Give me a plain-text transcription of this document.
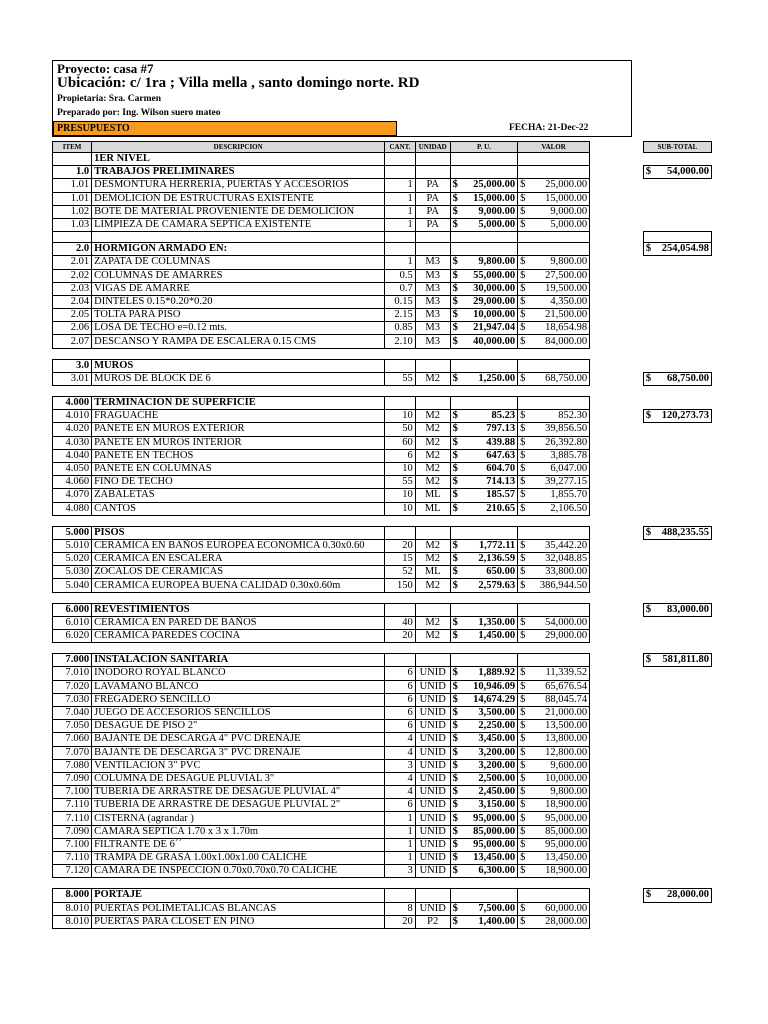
Proyecto: casa #7
Ubicación: c/ 1ra ; Villa mella , santo domingo norte. RD
Propietaria: Sra. Carmen
Preparado por: Ing. Wilson suero mateo
PRESUPUESTO	FECHA: 21-Dec-22
ITEM	DESCRIPCION	CANT.	UNIDAD	P. U.	VALOR		SUB-TOTAL
	1ER NIVEL						
1.0	TRABAJOS PRELIMINARES						$ 54,000.00

1.01	DESMONTURA HERRERIA, PUERTAS Y ACCESORIOS	1	PA	$ 25,000.00	$ 25,000.00		

1.01	DEMOLICION DE ESTRUCTURAS EXISTENTE	1	PA	$ 15,000.00	$ 15,000.00		

1.02	BOTE DE MATERIAL PROVENIENTE DE DEMOLICION	1	PA	$ 9,000.00	$ 9,000.00		

1.03	LIMPIEZA DE CAMARA SEPTICA EXISTENTE	1	PA	$ 5,000.00	$ 5,000.00		

2.0	HORMIGON ARMADO EN:						$ 254,054.98

2.01	ZAPATA DE COLUMNAS	1	M3	$ 9,800.00	$ 9,800.00		

2.02	COLUMNAS DE AMARRES	0.5	M3	$ 55,000.00	$ 27,500.00		

2.03	VIGAS DE AMARRE	0.7	M3	$ 30,000.00	$ 19,500.00		

2.04	DINTELES 0.15*0.20*0.20	0.15	M3	$ 29,000.00	$ 4,350.00		

2.05	TOLTA PARA PISO	2.15	M3	$ 10,000.00	$ 21,500.00		

2.06	LOSA DE TECHO e=0.12 mts.	0.85	M3	$ 21,947.04	$ 18,654.98		

2.07	DESCANSO Y RAMPA DE ESCALERA 0.15 CMS	2.10	M3	$ 40,000.00	$ 84,000.00		

3.0	MUROS						
3.01	MUROS DE BLOCK DE 6	55	M2	$ 1,250.00	$ 68,750.00		$ 68,750.00

4.000	TERMINACION DE SUPERFICIE						
4.010	FRAGUACHE	10	M2	$ 85.23	$ 852.30		$ 120,273.73

4.020	PANETE EN MUROS EXTERIOR	50	M2	$ 797.13	$ 39,856.50		

4.030	PANETE EN MUROS INTERIOR	60	M2	$ 439.88	$ 26,392.80		

4.040	PANETE EN TECHOS	6	M2	$ 647.63	$ 3,885.78		

4.050	PANETE EN COLUMNAS	10	M2	$ 604.70	$ 6,047.00		

4.060	FINO DE TECHO	55	M2	$ 714.13	$ 39,277.15		

4.070	ZABALETAS	10	ML	$ 185.57	$ 1,855.70		

4.080	CANTOS	10	ML	$ 210.65	$ 2,106.50		

5.000	PISOS						$ 488,235.55

5.010	CERAMICA EN BAÑOS EUROPEA ECONOMICA 0.30x0.60	20	M2	$ 1,772.11	$ 35,442.20		

5.020	CERAMICA EN ESCALERA	15	M2	$ 2,136.59	$ 32,048.85		

5.030	ZOCALOS DE CERAMICAS	52	ML	$ 650.00	$ 33,800.00		

5.040	CERAMICA EUROPEA BUENA CALIDAD 0.30x0.60m	150	M2	$ 2,579.63	$ 386,944.50		

6.000	REVESTIMIENTOS						$ 83,000.00

6.010	CERAMICA EN PARED DE BAÑOS	40	M2	$ 1,350.00	$ 54,000.00		

6.020	CERAMICA PAREDES COCINA	20	M2	$ 1,450.00	$ 29,000.00		

7.000	INSTALACION SANITARIA						$ 581,811.80

7.010	INODORO ROYAL BLANCO	6	UNID	$ 1,889.92	$ 11,339.52		

7.020	LAVAMANO BLANCO	6	UNID	$ 10,946.09	$ 65,676.54		

7.030	FREGADERO SENCILLO	6	UNID	$ 14,674.29	$ 88,045.74		

7.040	JUEGO DE ACCESORIOS SENCILLOS	6	UNID	$ 3,500.00	$ 21,000.00		

7.050	DESAGUE DE PISO 2"	6	UNID	$ 2,250.00	$ 13,500.00		

7.060	BAJANTE DE DESCARGA 4" PVC DRENAJE	4	UNID	$ 3,450.00	$ 13,800.00		

7.070	BAJANTE DE DESCARGA 3" PVC DRENAJE	4	UNID	$ 3,200.00	$ 12,800.00		

7.080	VENTILACION 3" PVC	3	UNID	$ 3,200.00	$ 9,600.00		

7.090	COLUMNA DE DESAGUE PLUVIAL 3"	4	UNID	$ 2,500.00	$ 10,000.00		

7.100	TUBERIA DE ARRASTRE DE DESAGUE PLUVIAL 4"	4	UNID	$ 2,450.00	$ 9,800.00		

7.110	TUBERIA DE ARRASTRE DE DESAGUE PLUVIAL 2"	6	UNID	$ 3,150.00	$ 18,900.00		

7.110	CISTERNA (agrandar )	1	UNID	$ 95,000.00	$ 95,000.00		

7.090	CAMARA SEPTICA 1.70 x 3 x 1.70m	1	UNID	$ 85,000.00	$ 85,000.00		

7.100	FILTRANTE DE 6´´	1	UNID	$ 95,000.00	$ 95,000.00		

7.110	TRAMPA DE GRASA 1.00x1.00x1.00 CALICHE	1	UNID	$ 13,450.00	$ 13,450.00		

7.120	CAMARA DE INSPECCION 0.70x0.70x0.70 CALICHE	3	UNID	$ 6,300.00	$ 18,900.00		

8.000	PORTAJE						$ 28,000.00

8.010	PUERTAS POLIMETALICAS BLANCAS	8	UNID	$ 7,500.00	$ 60,000.00		

8.010	PUERTAS PARA CLOSET EN PINO	20	P2	$ 1,400.00	$ 28,000.00		
